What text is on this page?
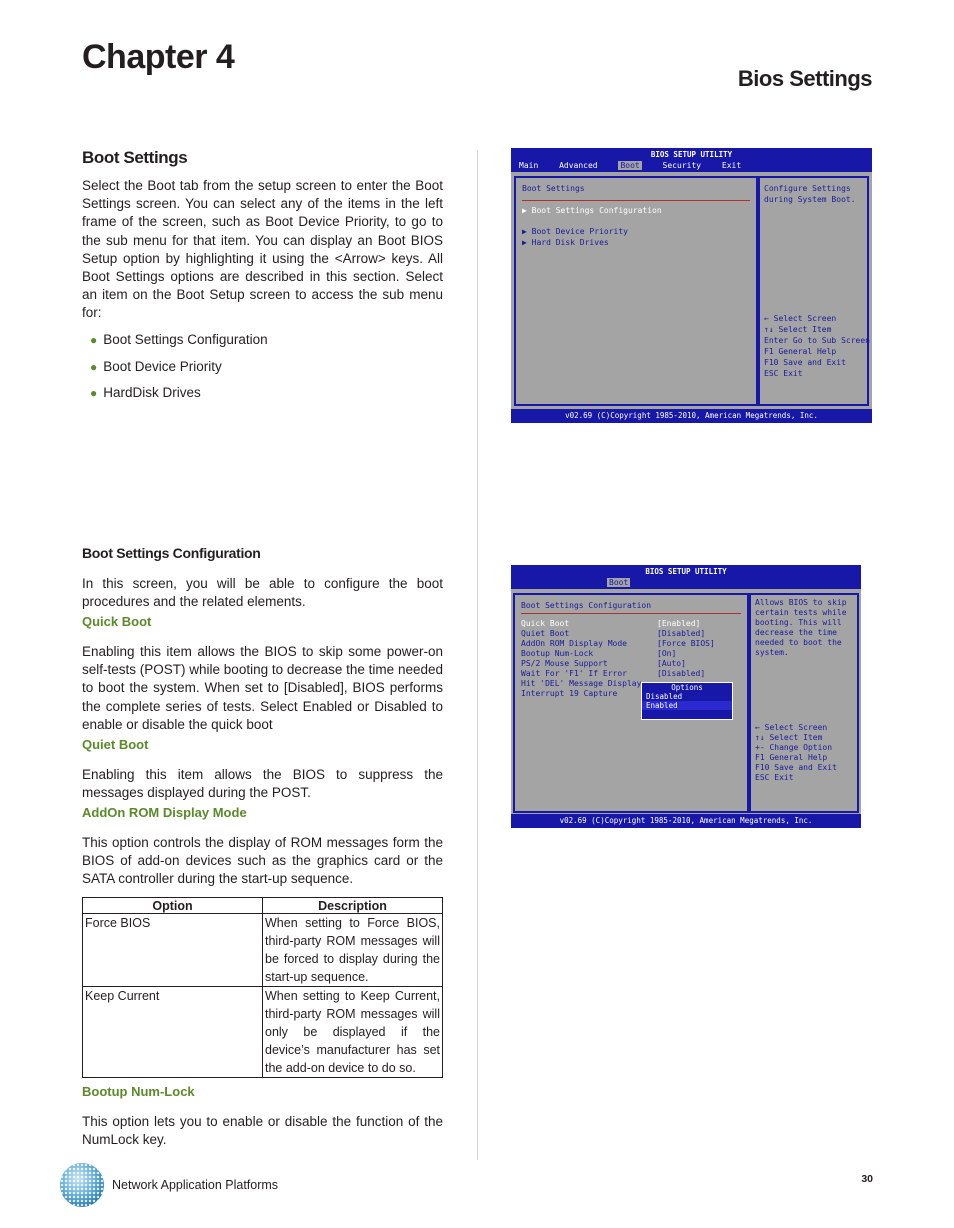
Chapter 4
Bios Settings
Boot Settings
Select the Boot tab from the setup screen to enter the Boot Settings screen. You can select any of the items in the left frame of the screen, such as Boot Device Priority, to go to the sub menu for that item. You can display an Boot BIOS Setup option by highlighting it using the <Arrow> keys. All Boot Settings options are described in this section. Select an item on the Boot Setup screen to access the sub menu for:
● Boot Settings Configuration
● Boot Device Priority
● HardDisk Drives
BIOS SETUP UTILITY
Main	Advanced	Boot	Security	Exit
Boot Settings
▶ Boot Settings Configuration
▶ Boot Device Priority
▶ Hard Disk Drives
Configure Settings
during System Boot.
← Select Screen
↑↓ Select Item
Enter Go to Sub Screen
F1 General Help
F10 Save and Exit
ESC Exit
v02.69 (C)Copyright 1985-2010, American Megatrends, Inc.
Boot Settings Configuration
In this screen, you will be able to configure the boot procedures and the related elements.
Quick Boot
Enabling this item allows the BIOS to skip some power-on self-tests (POST) while booting to decrease the time needed to boot the system. When set to [Disabled], BIOS performs the complete series of tests. Select Enabled or Disabled to enable or disable the quick boot
Quiet Boot
Enabling this item allows the BIOS to suppress the messages displayed during the POST.
AddOn ROM Display Mode
This option controls the display of ROM messages form the BIOS of add-on devices such as the graphics card or the SATA controller during the start-up sequence.
Option	Description
Force BIOS	When setting to Force BIOS, third-party ROM messages will be forced to display during the start-up sequence.
Keep Current	When setting to Keep Current, third-party ROM messages will only be displayed if the device’s manufacturer has set the add-on device to do so.
Bootup Num-Lock
This option lets you to enable or disable the function of the NumLock key.
BIOS SETUP UTILITY
Boot
Boot Settings Configuration
Quick Boot	[Enabled]
Quiet Boot	[Disabled]
AddOn ROM Display Mode	[Force BIOS]
Bootup Num-Lock	[On]
PS/2 Mouse Support	[Auto]
Wait For 'F1' If Error	[Disabled]
Hit 'DEL' Message Display
Interrupt 19 Capture
Options
Disabled
Enabled
Allows BIOS to skip
certain tests while
booting. This will
decrease the time
needed to boot the
system.
← Select Screen
↑↓ Select Item
+- Change Option
F1 General Help
F10 Save and Exit
ESC Exit
v02.69 (C)Copyright 1985-2010, American Megatrends, Inc.
Network Application Platforms	30
